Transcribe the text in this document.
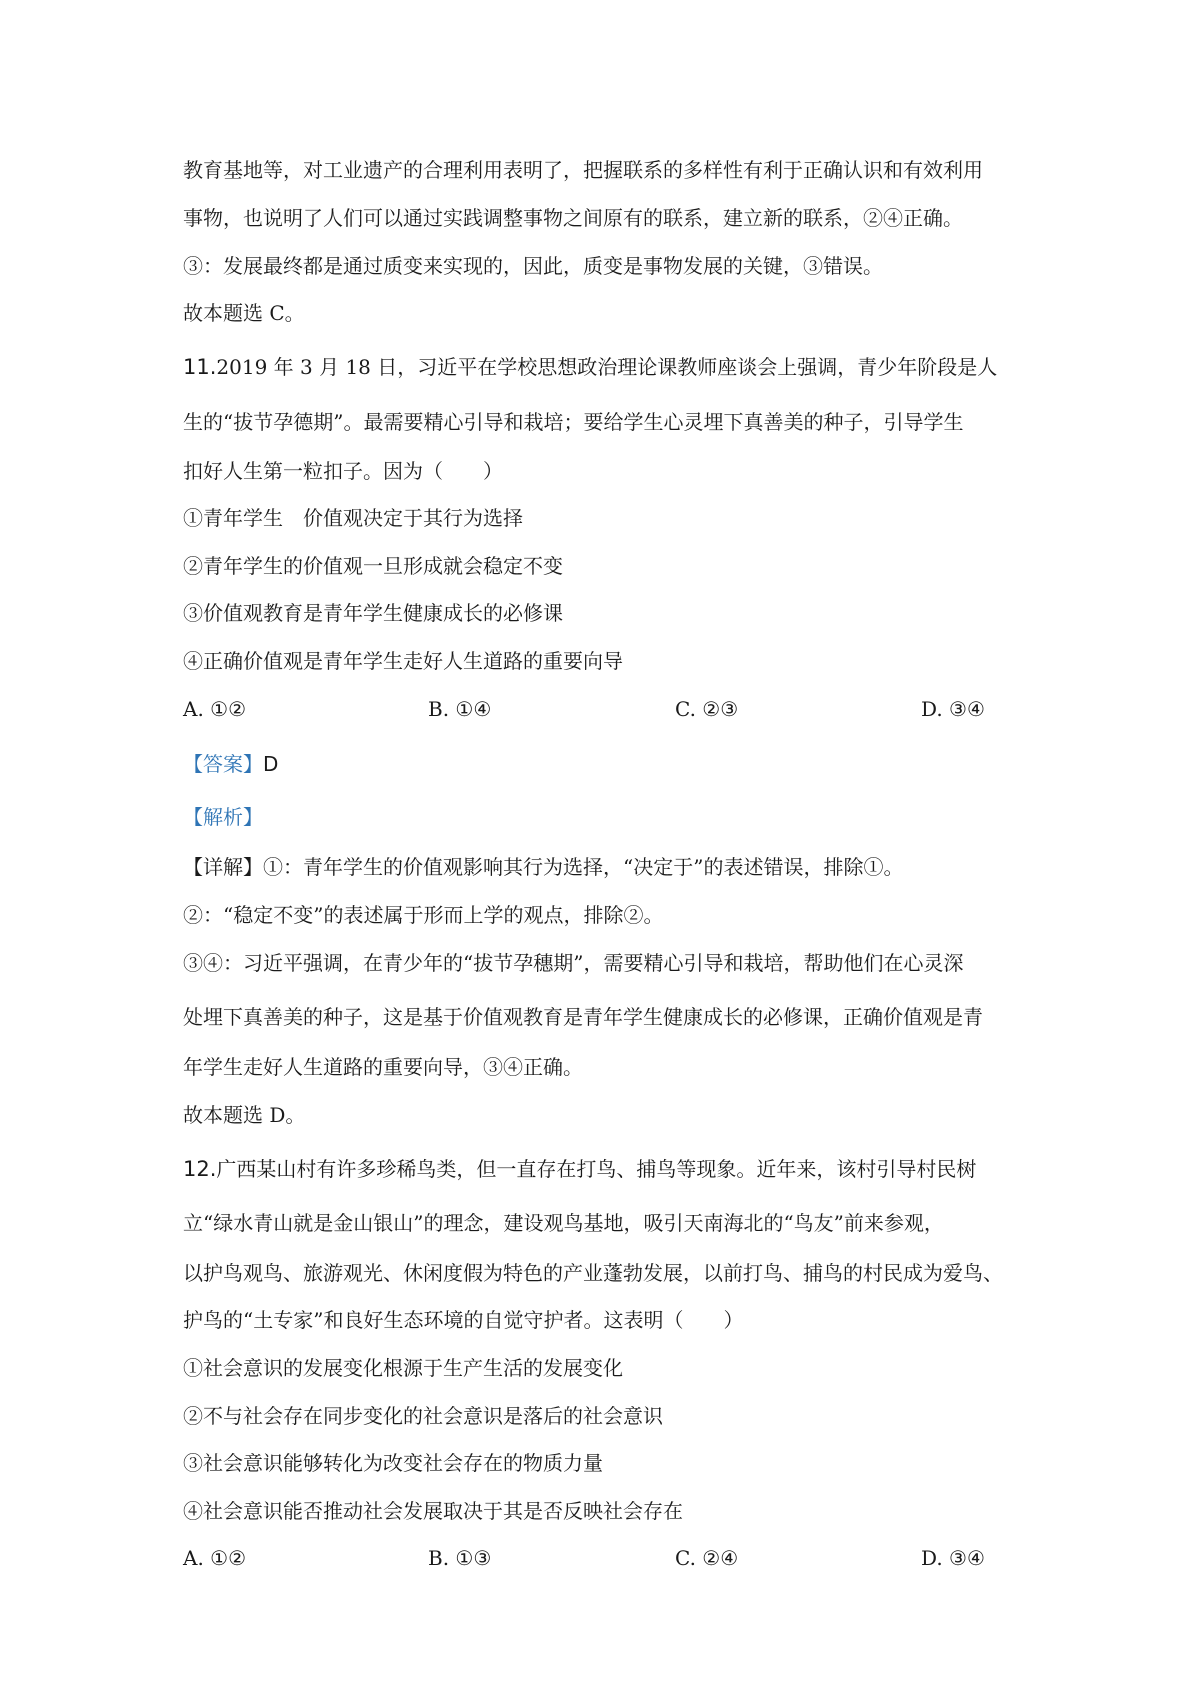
教育基地等，对工业遗产的合理利用表明了，把握联系的多样性有利于正确认识和有效利用
事物，也说明了人们可以通过实践调整事物之间原有的联系，建立新的联系，②④正确。
③：发展最终都是通过质变来实现的，因此，质变是事物发展的关键，③错误。
故本题选 C。
11.2019 年 3 月 18 日，习近平在学校思想政治理论课教师座谈会上强调，青少年阶段是人
生的“拔节孕德期”。最需要精心引导和栽培；要给学生心灵埋下真善美的种子，引导学生
扣好人生第一粒扣子。因为（　　）
①青年学生　价值观决定于其行为选择
②青年学生的价值观一旦形成就会稳定不变
③价值观教育是青年学生健康成长的必修课
④正确价值观是青年学生走好人生道路的重要向导
A. ①②	B. ①④	C. ②③	D. ③④
【答案】D
【解析】
【详解】①：青年学生的价值观影响其行为选择，“决定于”的表述错误，排除①。
②：“稳定不变”的表述属于形而上学的观点，排除②。
③④：习近平强调，在青少年的“拔节孕穗期”，需要精心引导和栽培，帮助他们在心灵深
处埋下真善美的种子，这是基于价值观教育是青年学生健康成长的必修课，正确价值观是青
年学生走好人生道路的重要向导，③④正确。
故本题选 D。
12.广西某山村有许多珍稀鸟类，但一直存在打鸟、捕鸟等现象。近年来，该村引导村民树
立“绿水青山就是金山银山”的理念，建设观鸟基地，吸引天南海北的“鸟友”前来参观，
以护鸟观鸟、旅游观光、休闲度假为特色的产业蓬勃发展，以前打鸟、捕鸟的村民成为爱鸟、
护鸟的“土专家”和良好生态环境的自觉守护者。这表明（　　）
①社会意识的发展变化根源于生产生活的发展变化
②不与社会存在同步变化的社会意识是落后的社会意识
③社会意识能够转化为改变社会存在的物质力量
④社会意识能否推动社会发展取决于其是否反映社会存在
A. ①②	B. ①③	C. ②④	D. ③④
